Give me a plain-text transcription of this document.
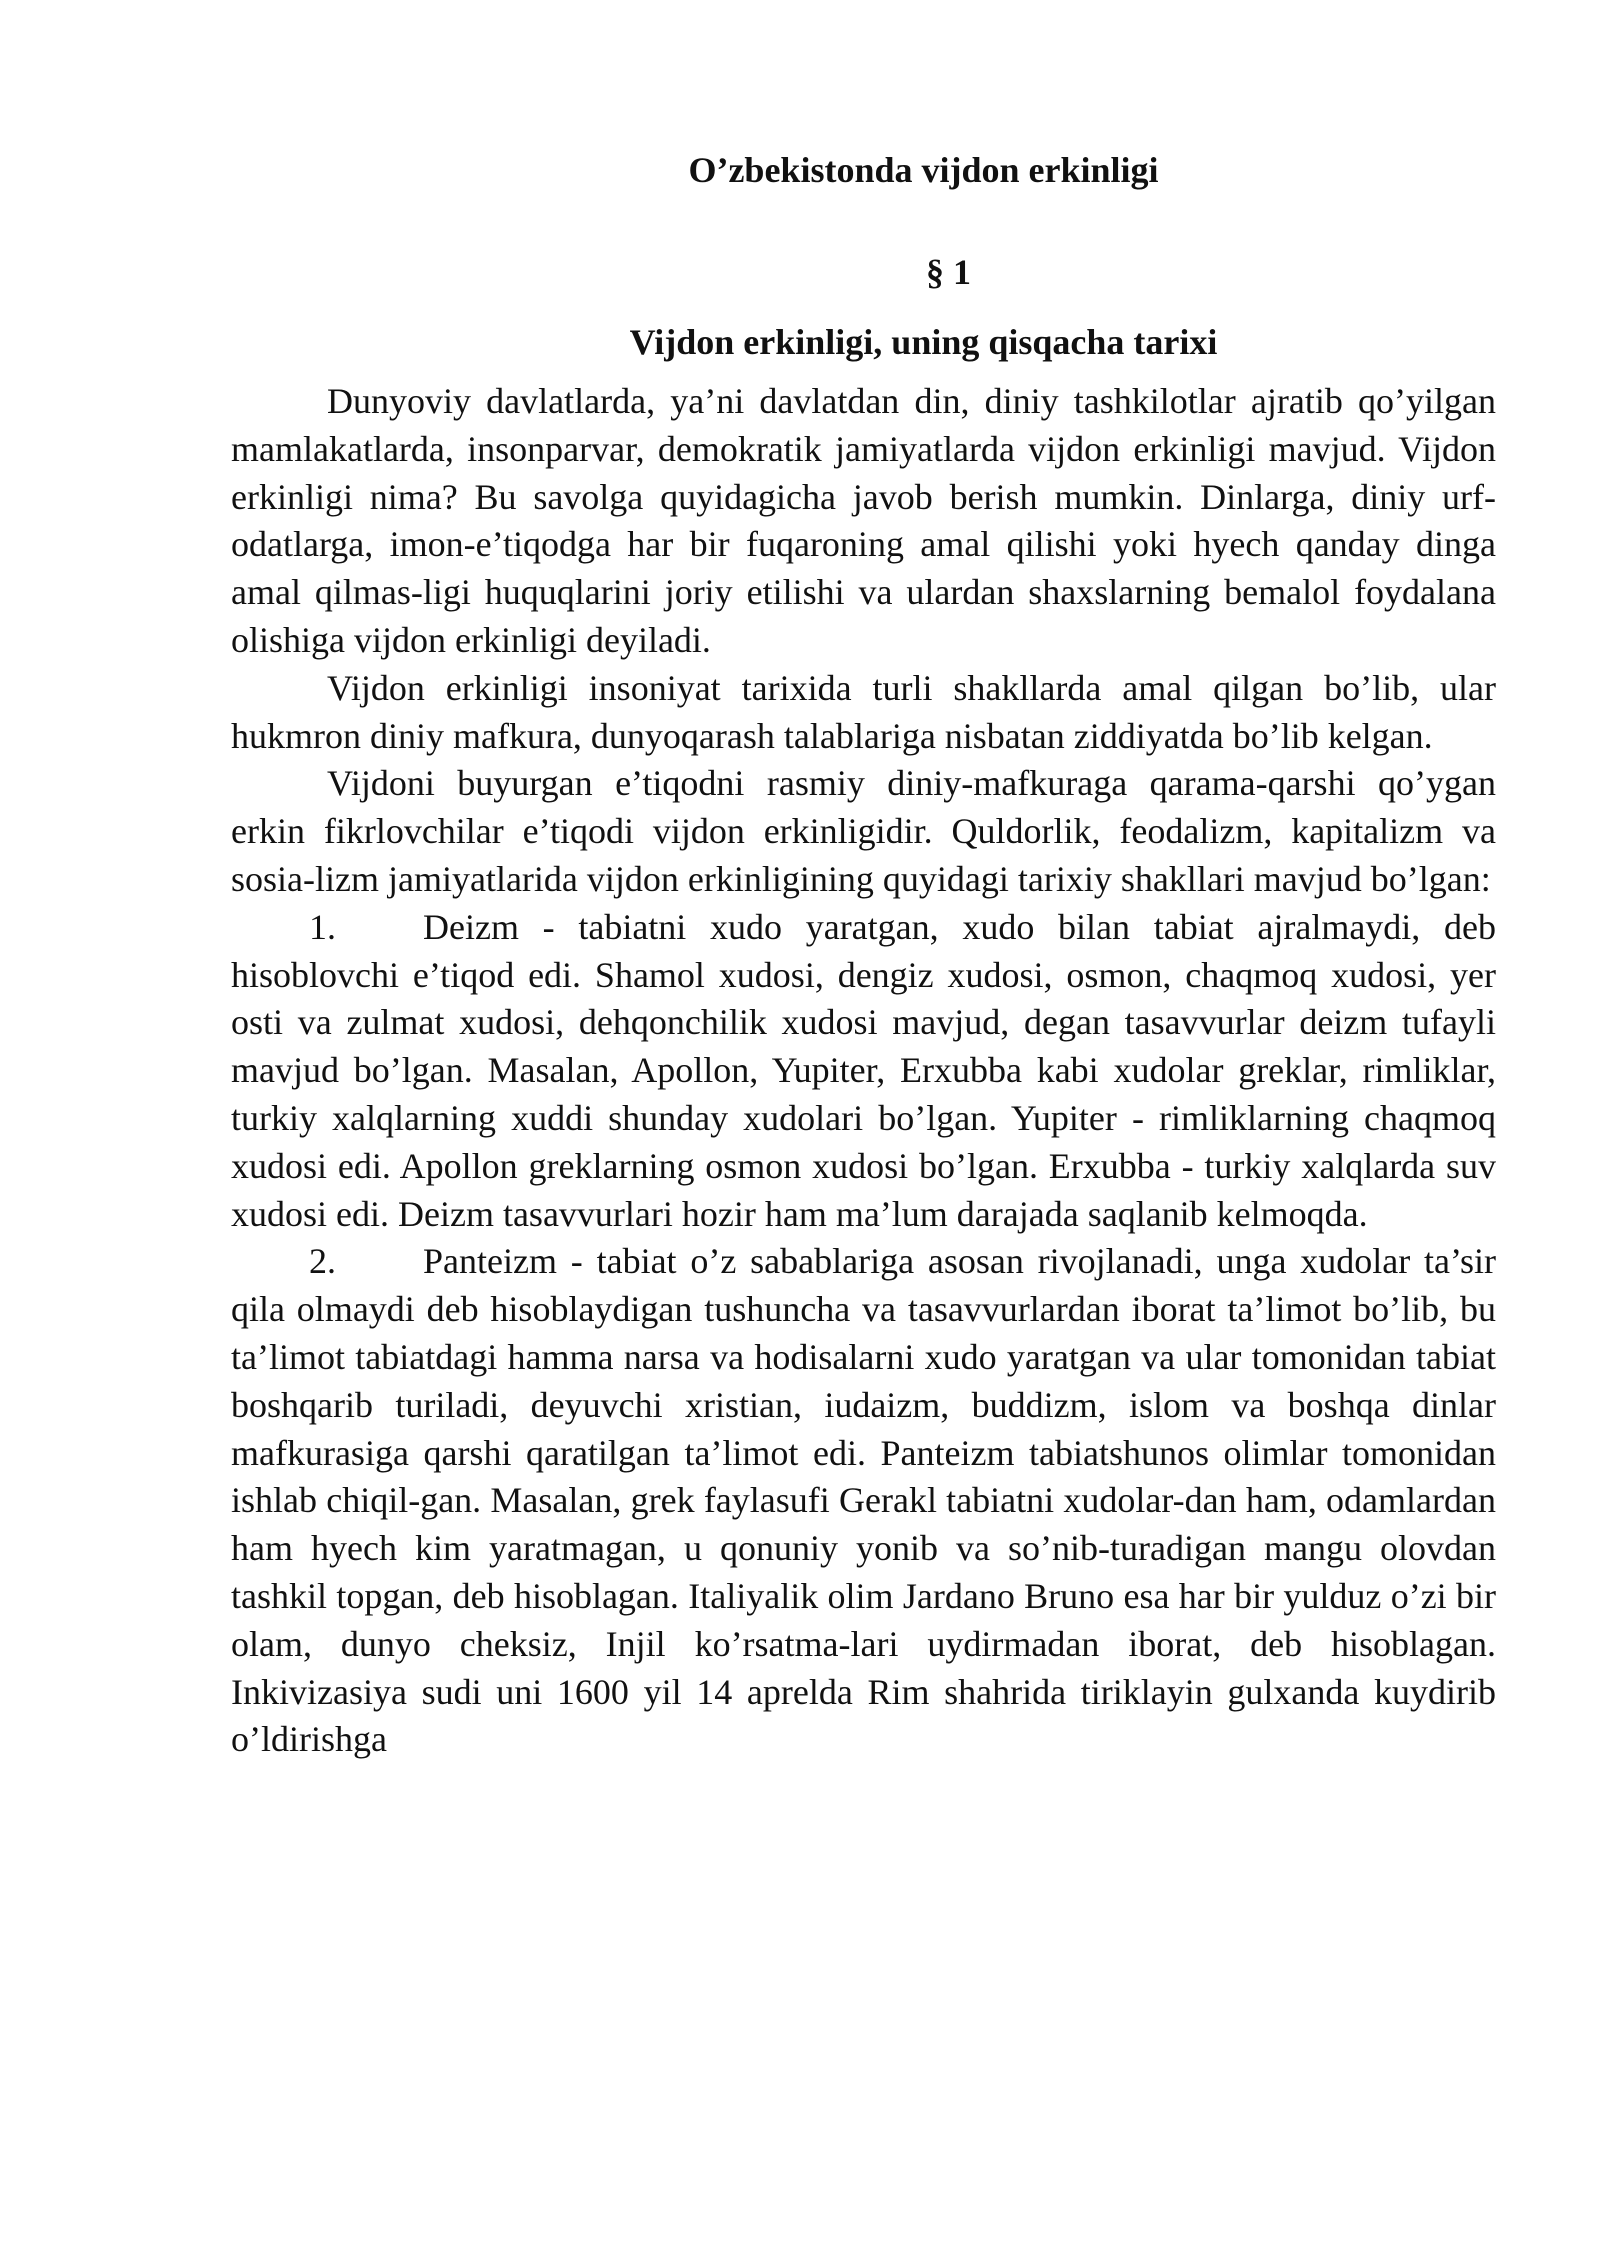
O’zbekistonda vijdon erkinligi
§ 1
Vijdon erkinligi, uning qisqacha tarixi

Dunyoviy davlatlarda, ya’ni davlatdan din, diniy tashkilotlar ajratib qo’yilgan mamlakatlarda, insonparvar, demokratik jamiyatlarda vijdon erkinligi mavjud. Vijdon erkinligi nima? Bu savolga quyidagicha javob berish mumkin. Dinlarga, diniy urf-odatlarga, imon-e’tiqodga har bir fuqaroning amal qilishi yoki hyech qanday dinga amal qilmas-ligi huquqlarini joriy etilishi va ulardan shaxslarning bemalol foydalana olishiga vijdon erkinligi deyiladi.

Vijdon erkinligi insoniyat tarixida turli shakllarda amal qilgan bo’lib, ular hukmron diniy mafkura, dunyoqarash talablariga nisbatan ziddiyatda bo’lib kelgan.

Vijdoni buyurgan e’tiqodni rasmiy diniy-mafkuraga qarama-qarshi qo’ygan erkin fikrlovchilar e’tiqodi vijdon erkinligidir. Quldorlik, feodalizm, kapitalizm va sosia-lizm jamiyatlarida vijdon erkinligining quyidagi tarixiy shakllari mavjud bo’lgan:

1. Deizm - tabiatni xudo yaratgan, xudo bilan tabiat ajralmaydi, deb hisoblovchi e’tiqod edi. Shamol xudosi, dengiz xudosi, osmon, chaqmoq xudosi, yer osti va zulmat xudosi, dehqonchilik xudosi mavjud, degan tasavvurlar deizm tufayli mavjud bo’lgan. Masalan, Apollon, Yupiter, Erxubba kabi xudolar greklar, rimliklar, turkiy xalqlarning xuddi shunday xudolari bo’lgan. Yupiter - rimliklarning chaqmoq xudosi edi. Apollon greklarning osmon xudosi bo’lgan. Erxubba - turkiy xalqlarda suv xudosi edi. Deizm tasavvurlari hozir ham ma’lum darajada saqlanib kelmoqda.

2. Panteizm - tabiat o’z sabablariga asosan rivojlanadi, unga xudolar ta’sir qila olmaydi deb hisoblaydigan tushuncha va tasavvurlardan iborat ta’limot bo’lib, bu ta’limot tabiatdagi hamma narsa va hodisalarni xudo yaratgan va ular tomonidan tabiat boshqarib turiladi, deyuvchi xristian, iudaizm, buddizm, islom va boshqa dinlar mafkurasiga qarshi qaratilgan ta’limot edi. Panteizm tabiatshunos olimlar tomonidan ishlab chiqil-gan. Masalan, grek faylasufi Gerakl tabiatni xudolar-dan ham, odamlardan ham hyech kim yaratmagan, u qonuniy yonib va so’nib-turadigan mangu olovdan tashkil topgan, deb hisoblagan. Italiyalik olim Jardano Bruno esa har bir yulduz o’zi bir olam, dunyo cheksiz, Injil ko’rsatma-lari uydirmadan iborat, deb hisoblagan. Inkivizasiya sudi uni 1600 yil 14 aprelda Rim shahrida tiriklayin gulxanda kuydirib o’ldirishga
